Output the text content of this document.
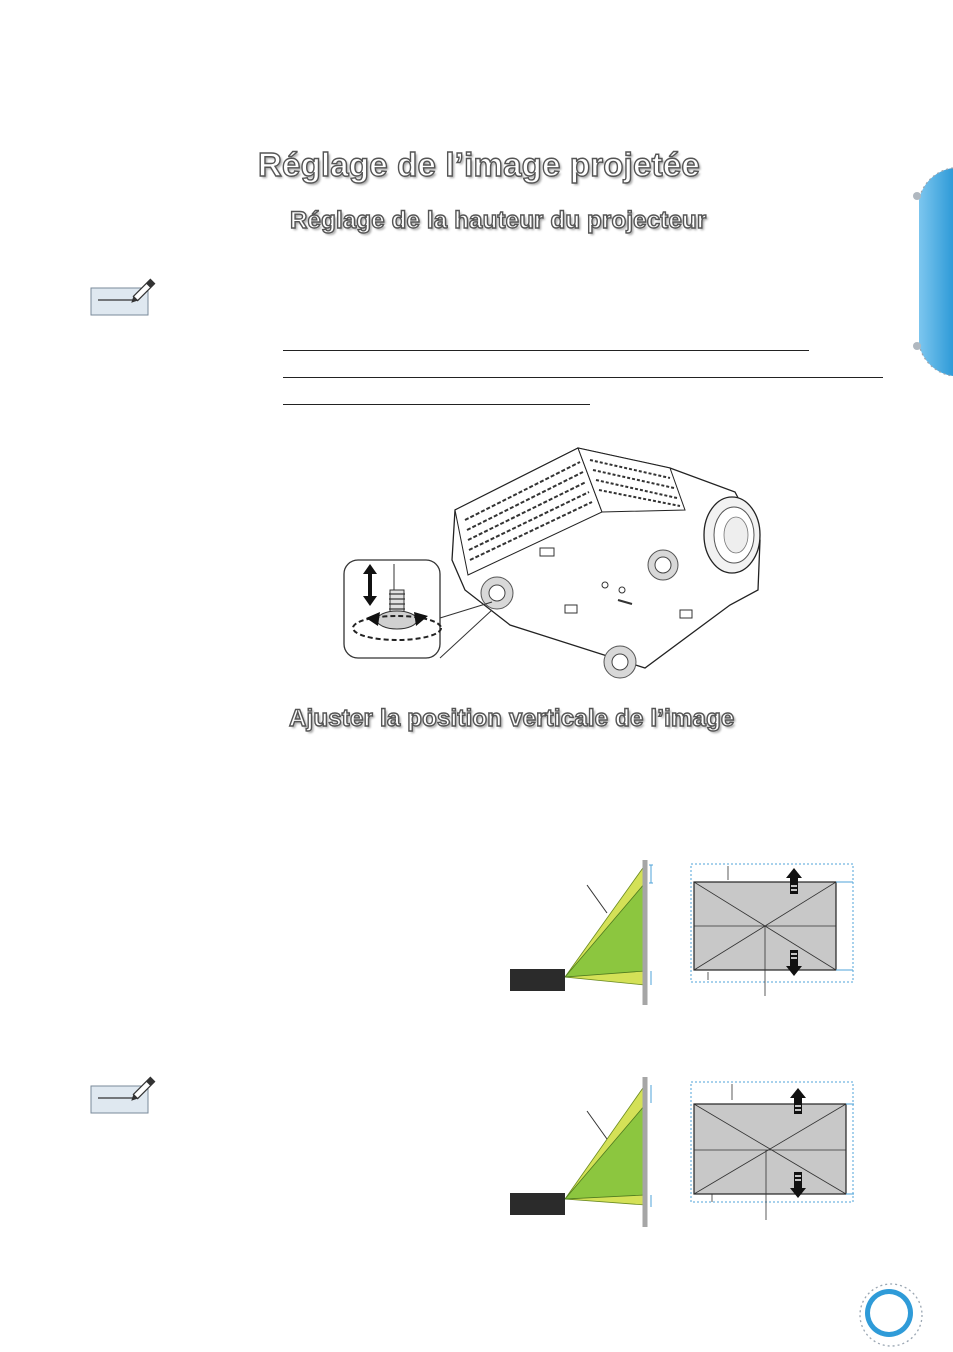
Réglage de l’image projetée
Réglage de la hauteur du projecteur
Ajuster la position verticale de l’image
